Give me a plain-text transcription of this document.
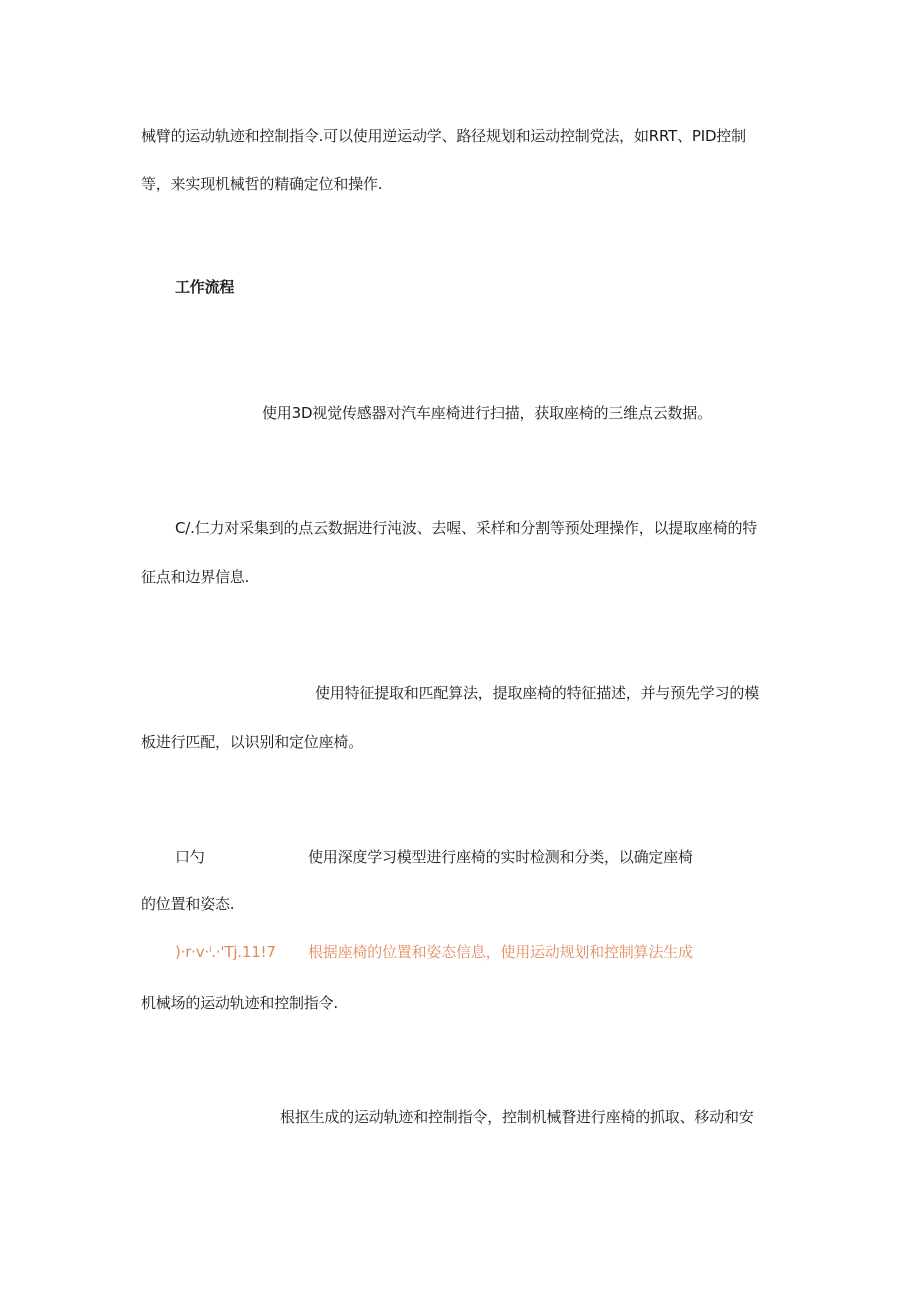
械臂的运动轨迹和控制指令.可以使用逆运动学、路径规划和运动控制党法，如RRT、PID控制
等，来实现机械哲的精确定位和操作.
工作流程
使用3D视觉传感器对汽车座椅进行扫描，获取座椅的三维点云数据。
C/.仁力对采集到的点云数据进行沌波、去喔、采样和分割等预处理操作，以提取座椅的特
征点和边界信息.
使用特征提取和匹配算法，提取座椅的特征描述，并与预先学习的模
板进行匹配，以识别和定位座椅。
口勺	使用深度学习模型进行座椅的实时检测和分类，以确定座椅
的位置和姿态.
)·r·v·ˡ.·'Tj.11!7 根据座椅的位置和姿态信息，使用运动规划和控制算法生成
机械场的运动轨迹和控制指令.
根抠生成的运动轨迹和控制指令，控制机械瞀进行座椅的抓取、移动和安
